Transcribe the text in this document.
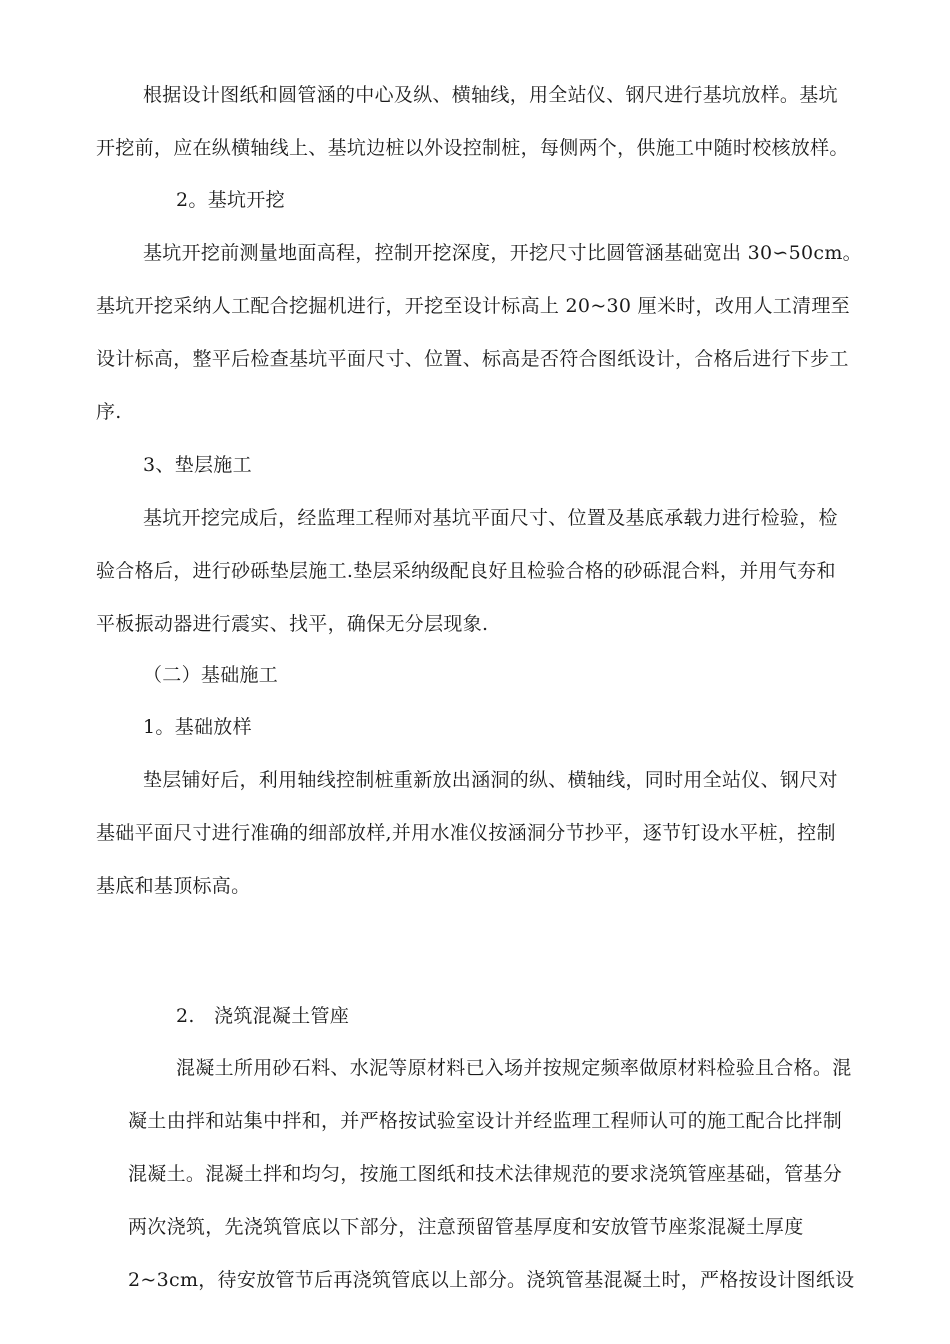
根据设计图纸和圆管涵的中心及纵、横轴线，用全站仪、钢尺进行基坑放样。基坑
开挖前，应在纵横轴线上、基坑边桩以外设控制桩，每侧两个，供施工中随时校核放样。
2。基坑开挖
基坑开挖前测量地面高程，控制开挖深度，开挖尺寸比圆管涵基础宽出 30∽50cm。
基坑开挖采纳人工配合挖掘机进行，开挖至设计标高上 20~30 厘米时，改用人工清理至
设计标高，整平后检查基坑平面尺寸、位置、标高是否符合图纸设计，合格后进行下步工
序.
3、垫层施工
基坑开挖完成后，经监理工程师对基坑平面尺寸、位置及基底承载力进行检验，检
验合格后，进行砂砾垫层施工.垫层采纳级配良好且检验合格的砂砾混合料，并用气夯和
平板振动器进行震实、找平，确保无分层现象.
（二）基础施工
1。基础放样
垫层铺好后，利用轴线控制桩重新放出涵洞的纵、横轴线，同时用全站仪、钢尺对
基础平面尺寸进行准确的细部放样,并用水准仪按涵洞分节抄平，逐节钉设水平桩，控制
基底和基顶标高。
2.　浇筑混凝土管座
混凝土所用砂石料、水泥等原材料已入场并按规定频率做原材料检验且合格。混
凝土由拌和站集中拌和，并严格按试验室设计并经监理工程师认可的施工配合比拌制
混凝土。混凝土拌和均匀，按施工图纸和技术法律规范的要求浇筑管座基础，管基分
两次浇筑，先浇筑管底以下部分，注意预留管基厚度和安放管节座浆混凝土厚度
2~3cm，待安放管节后再浇筑管底以上部分。浇筑管基混凝土时，严格按设计图纸设
